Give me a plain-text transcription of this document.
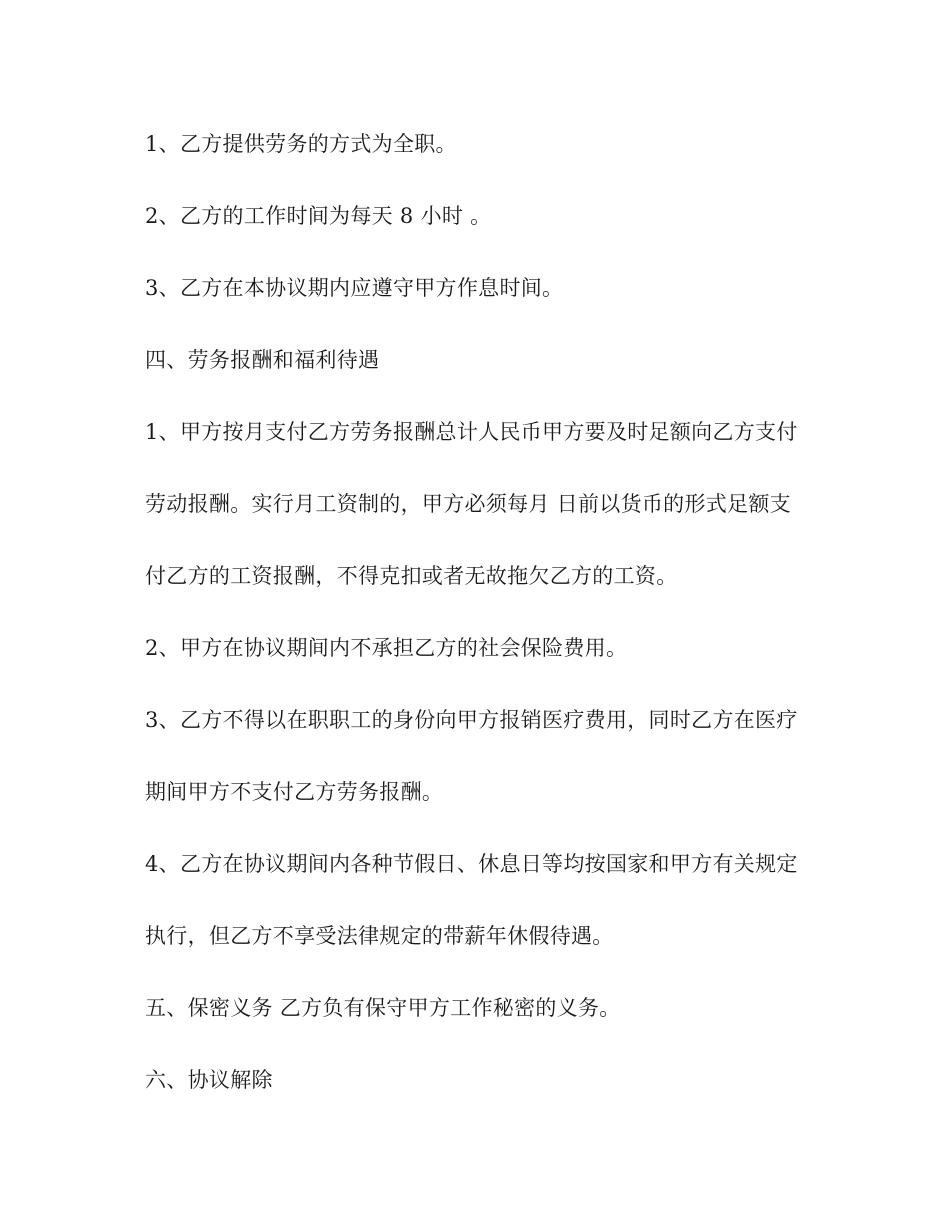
1、乙方提供劳务的方式为全职。
2、乙方的工作时间为每天 8 小时 。
3、乙方在本协议期内应遵守甲方作息时间。
四、劳务报酬和福利待遇
1、甲方按月支付乙方劳务报酬总计人民币甲方要及时足额向乙方支付
劳动报酬。实行月工资制的，甲方必须每月 日前以货币的形式足额支
付乙方的工资报酬，不得克扣或者无故拖欠乙方的工资。
2、甲方在协议期间内不承担乙方的社会保险费用。
3、乙方不得以在职职工的身份向甲方报销医疗费用，同时乙方在医疗
期间甲方不支付乙方劳务报酬。
4、乙方在协议期间内各种节假日、休息日等均按国家和甲方有关规定
执行，但乙方不享受法律规定的带薪年休假待遇。
五、保密义务 乙方负有保守甲方工作秘密的义务。
六、协议解除
